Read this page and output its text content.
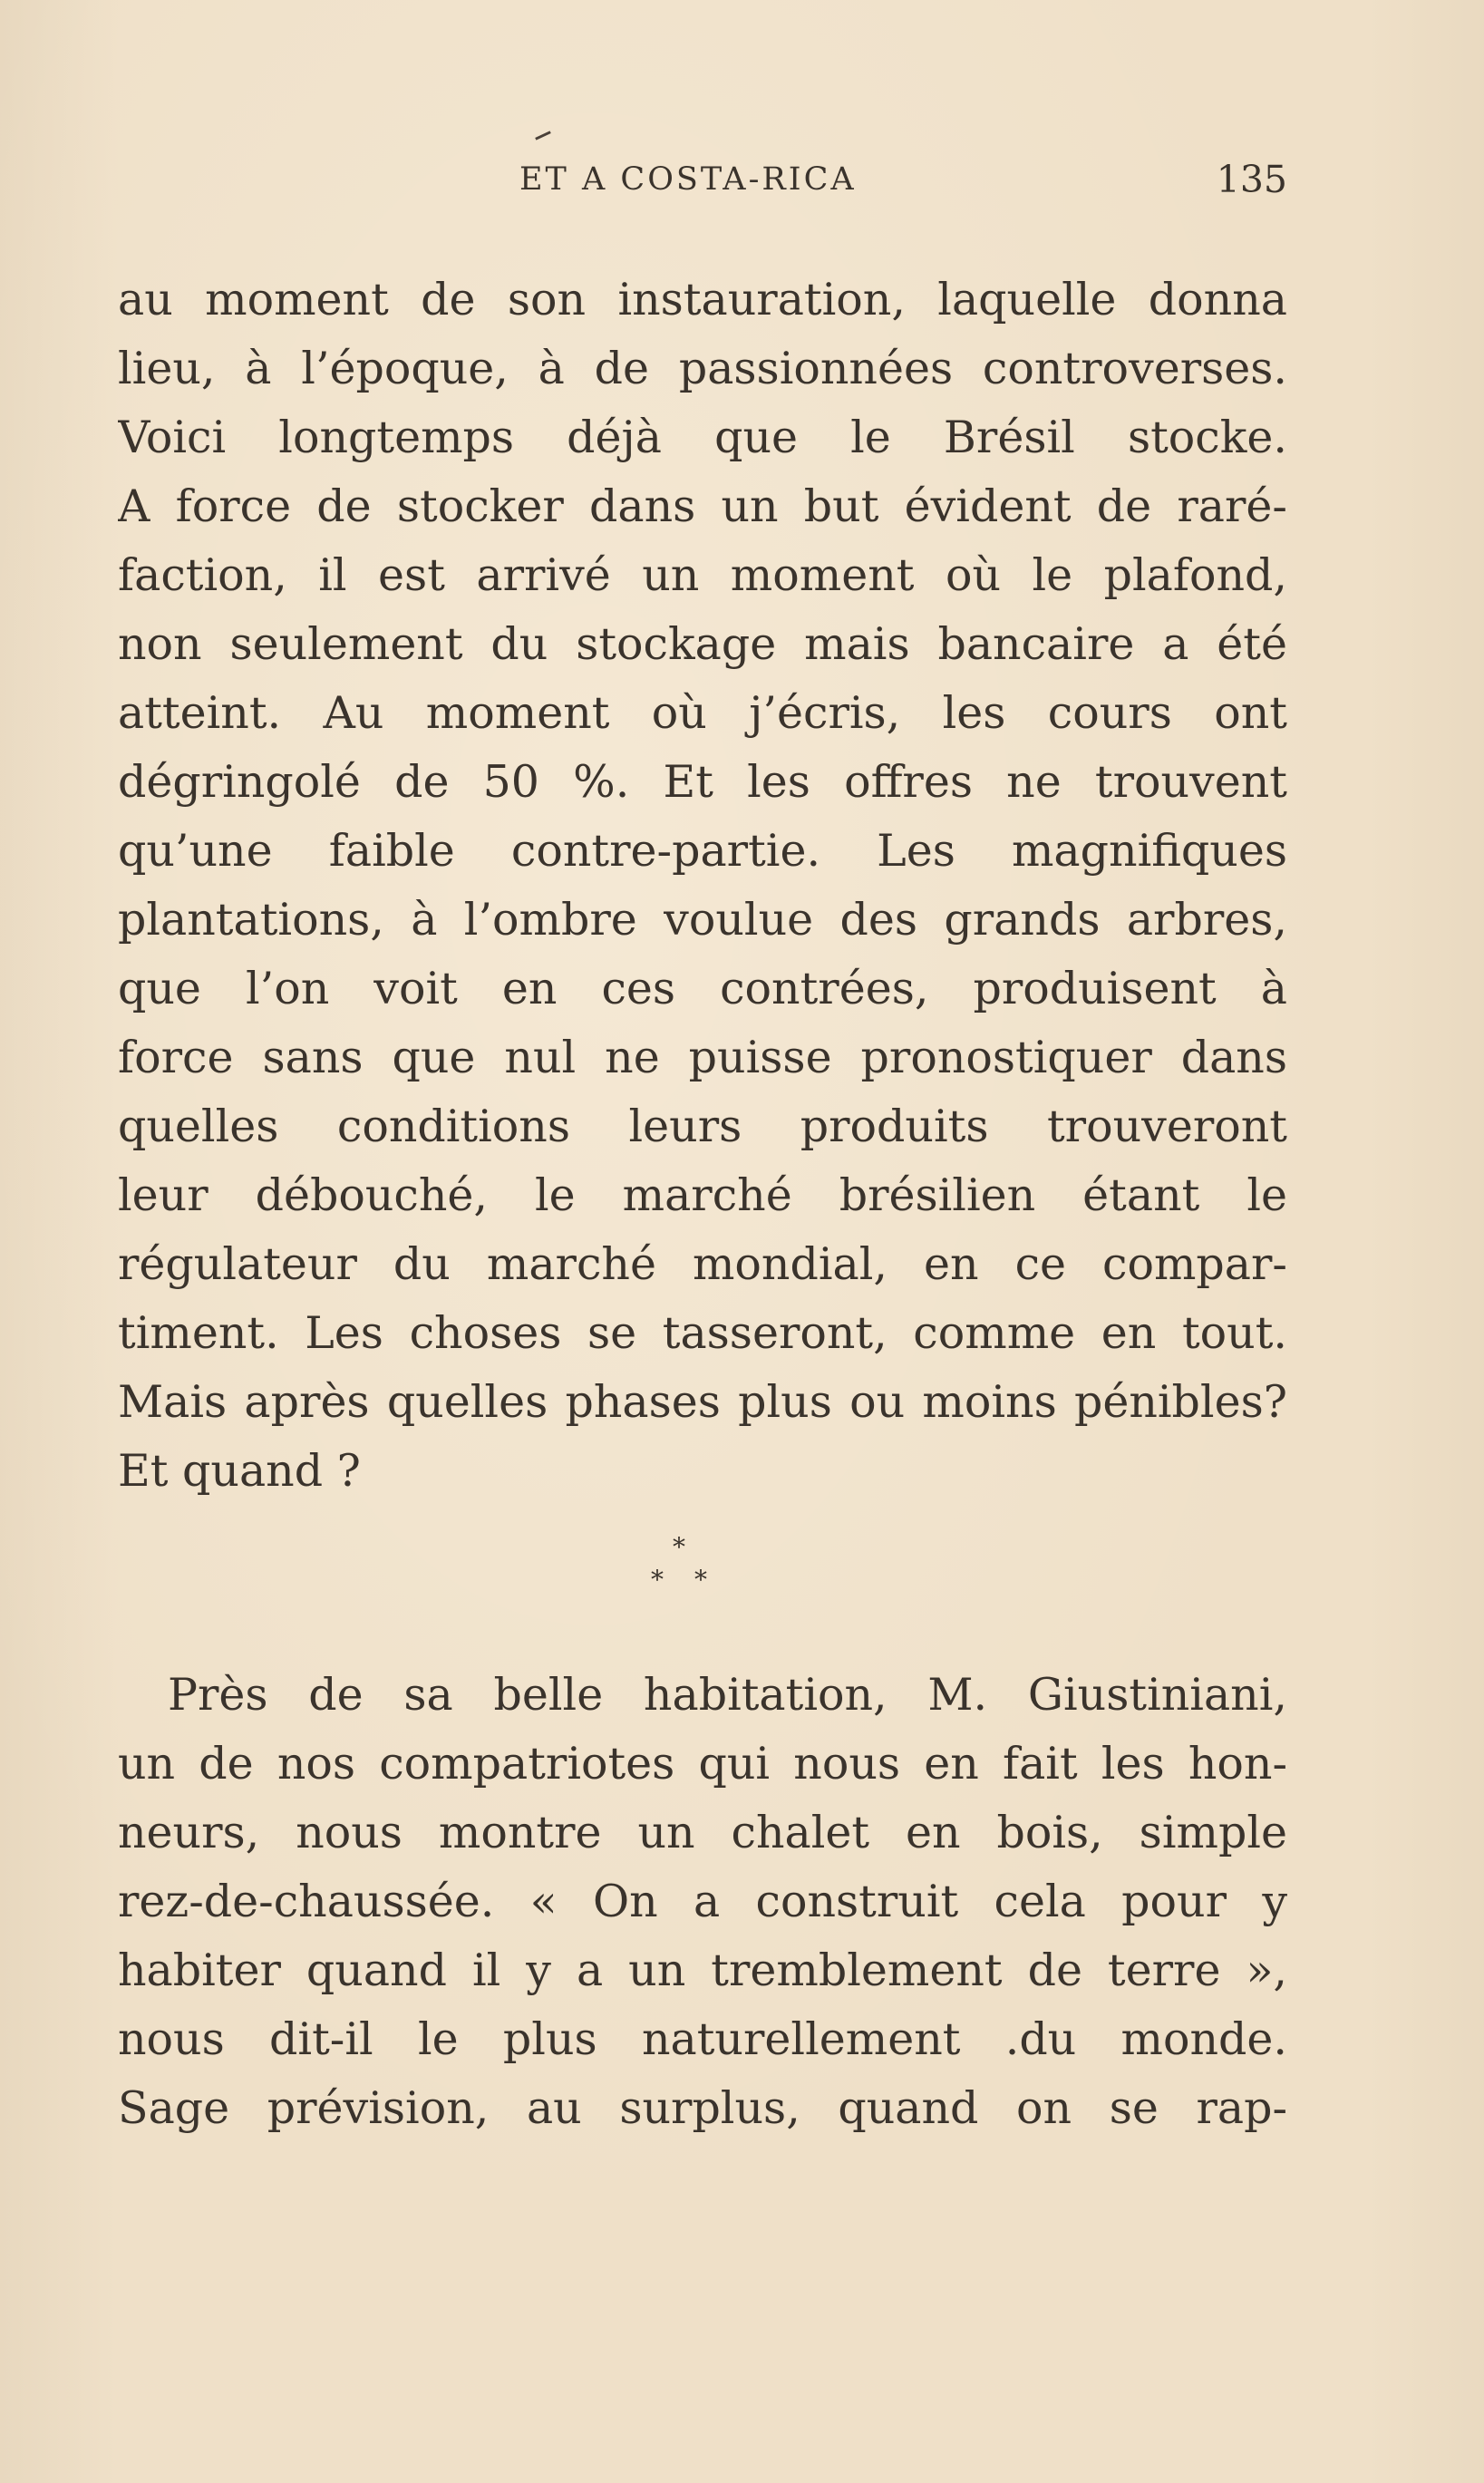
ET A COSTA-RICA	135
au moment de son instauration, laquelle donna
lieu, à l’époque, à de passionnées controverses.
Voici longtemps déjà que le Brésil stocke.
A force de stocker dans un but évident de raré-
faction, il est arrivé un moment où le plafond,
non seulement du stockage mais bancaire a été
atteint. Au moment où j’écris, les cours ont
dégringolé de 50 %. Et les offres ne trouvent
qu’une faible contre-partie. Les magnifiques
plantations, à l’ombre voulue des grands arbres,
que l’on voit en ces contrées, produisent à
force sans que nul ne puisse pronostiquer dans
quelles conditions leurs produits trouveront
leur débouché, le marché brésilien étant le
régulateur du marché mondial, en ce compar-
timent. Les choses se tasseront, comme en tout.
Mais après quelles phases plus ou moins pénibles?
Et quand ?
*
* *
Près de sa belle habitation, M. Giustiniani,
un de nos compatriotes qui nous en fait les hon-
neurs, nous montre un chalet en bois, simple
rez-de-chaussée. « On a construit cela pour y
habiter quand il y a un tremblement de terre »,
nous dit-il le plus naturellement .du monde.
Sage prévision, au surplus, quand on se rap-
